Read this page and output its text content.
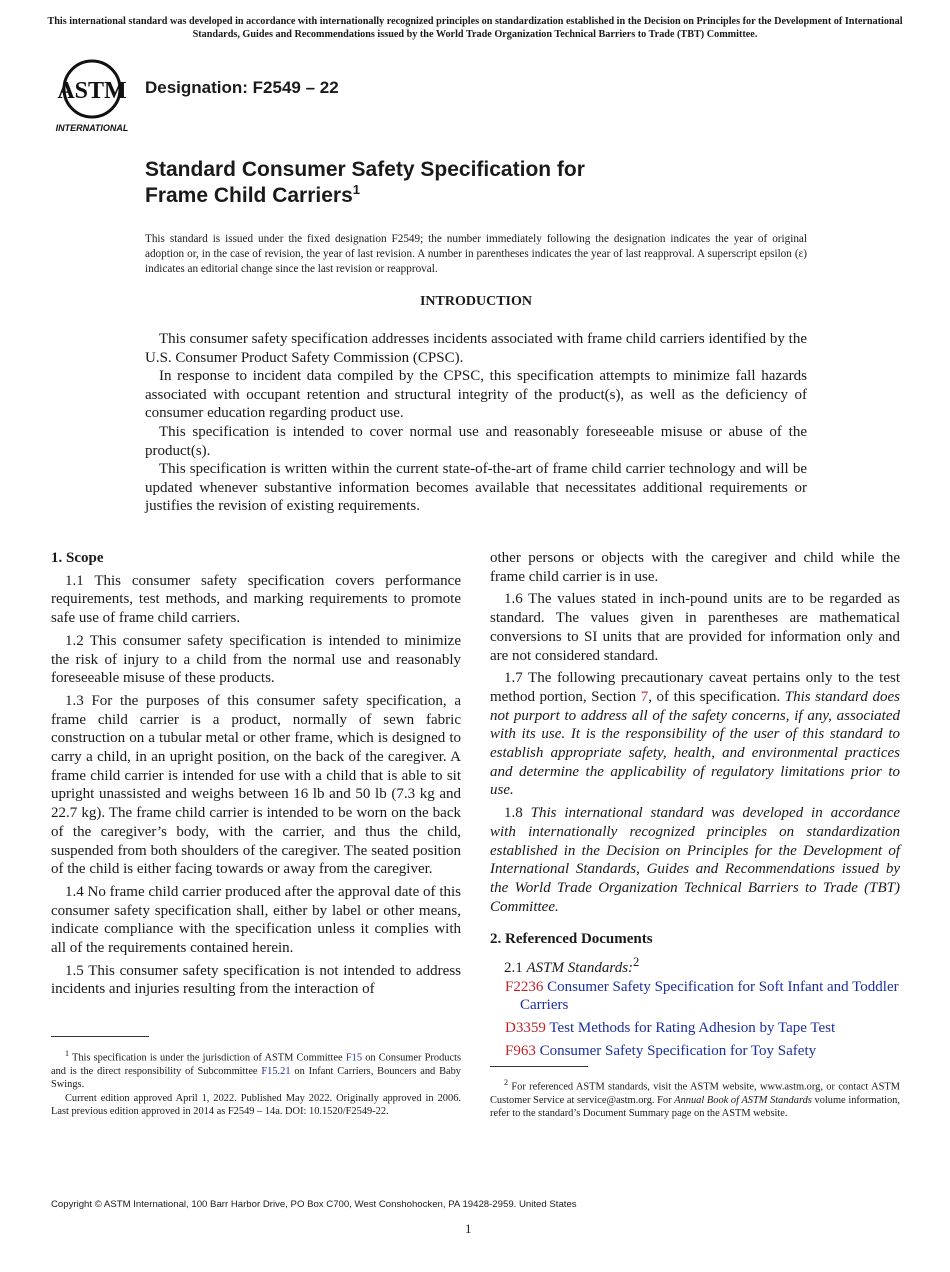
This international standard was developed in accordance with internationally recognized principles on standardization established in the Decision on Principles for the Development of International Standards, Guides and Recommendations issued by the World Trade Organization Technical Barriers to Trade (TBT) Committee.
ASTM
INTERNATIONAL
Designation: F2549 – 22
Standard Consumer Safety Specification for
Frame Child Carriers$^1$
This standard is issued under the fixed designation F2549; the number immediately following the designation indicates the year of original adoption or, in the case of revision, the year of last revision. A number in parentheses indicates the year of last reapproval. A superscript epsilon (ε) indicates an editorial change since the last revision or reapproval.
INTRODUCTION

This consumer safety specification addresses incidents associated with frame child carriers identified by the U.S. Consumer Product Safety Commission (CPSC).

In response to incident data compiled by the CPSC, this specification attempts to minimize fall hazards associated with occupant retention and structural integrity of the product(s), as well as the deficiency of consumer education regarding product use.

This specification is intended to cover normal use and reasonably foreseeable misuse or abuse of the product(s).

This specification is written within the current state-of-the-art of frame child carrier technology and will be updated whenever substantive information becomes available that necessitates additional requirements or justifies the revision of existing requirements.

1. Scope

1.1 This consumer safety specification covers performance requirements, test methods, and marking requirements to promote safe use of frame child carriers.

1.2 This consumer safety specification is intended to minimize the risk of injury to a child from the normal use and reasonably foreseeable misuse of these products.

1.3 For the purposes of this consumer safety specification, a frame child carrier is a product, normally of sewn fabric construction on a tubular metal or other frame, which is designed to carry a child, in an upright position, on the back of the caregiver. A frame child carrier is intended for use with a child that is able to sit upright unassisted and weighs between 16 lb and 50 lb (7.3 kg and 22.7 kg). The frame child carrier is intended to be worn on the back of the caregiver’s body, with the carrier, and thus the child, suspended from both shoulders of the caregiver. The seated position of the child is either facing towards or away from the caregiver.

1.4 No frame child carrier produced after the approval date of this consumer safety specification shall, either by label or other means, indicate compliance with the specification unless it complies with all of the requirements contained herein.

1.5 This consumer safety specification is not intended to address incidents and injuries resulting from the interaction of

other persons or objects with the caregiver and child while the frame child carrier is in use.

1.6 The values stated in inch-pound units are to be regarded as standard. The values given in parentheses are mathematical conversions to SI units that are provided for information only and are not considered standard.

1.7 The following precautionary caveat pertains only to the test method portion, Section 7, of this specification. This standard does not purport to address all of the safety concerns, if any, associated with its use. It is the responsibility of the user of this standard to establish appropriate safety, health, and environmental practices and determine the applicability of regulatory limitations prior to use.

1.8 This international standard was developed in accordance with internationally recognized principles on standardization established in the Decision on Principles for the Development of International Standards, Guides and Recommendations issued by the World Trade Organization Technical Barriers to Trade (TBT) Committee.

2. Referenced Documents

2.1 ASTM Standards:$^2$

F2236 Consumer Safety Specification for Soft Infant and Toddler Carriers

D3359 Test Methods for Rating Adhesion by Tape Test

F963 Consumer Safety Specification for Toy Safety

$^1$ This specification is under the jurisdiction of ASTM Committee F15 on Consumer Products and is the direct responsibility of Subcommittee F15.21 on Infant Carriers, Bouncers and Baby Swings.

Current edition approved April 1, 2022. Published May 2022. Originally approved in 2006. Last previous edition approved in 2014 as F2549 – 14a. DOI: 10.1520/F2549-22.

$^2$ For referenced ASTM standards, visit the ASTM website, www.astm.org, or contact ASTM Customer Service at service@astm.org. For Annual Book of ASTM Standards volume information, refer to the standard’s Document Summary page on the ASTM website.

Copyright © ASTM International, 100 Barr Harbor Drive, PO Box C700, West Conshohocken, PA 19428-2959. United States
1
